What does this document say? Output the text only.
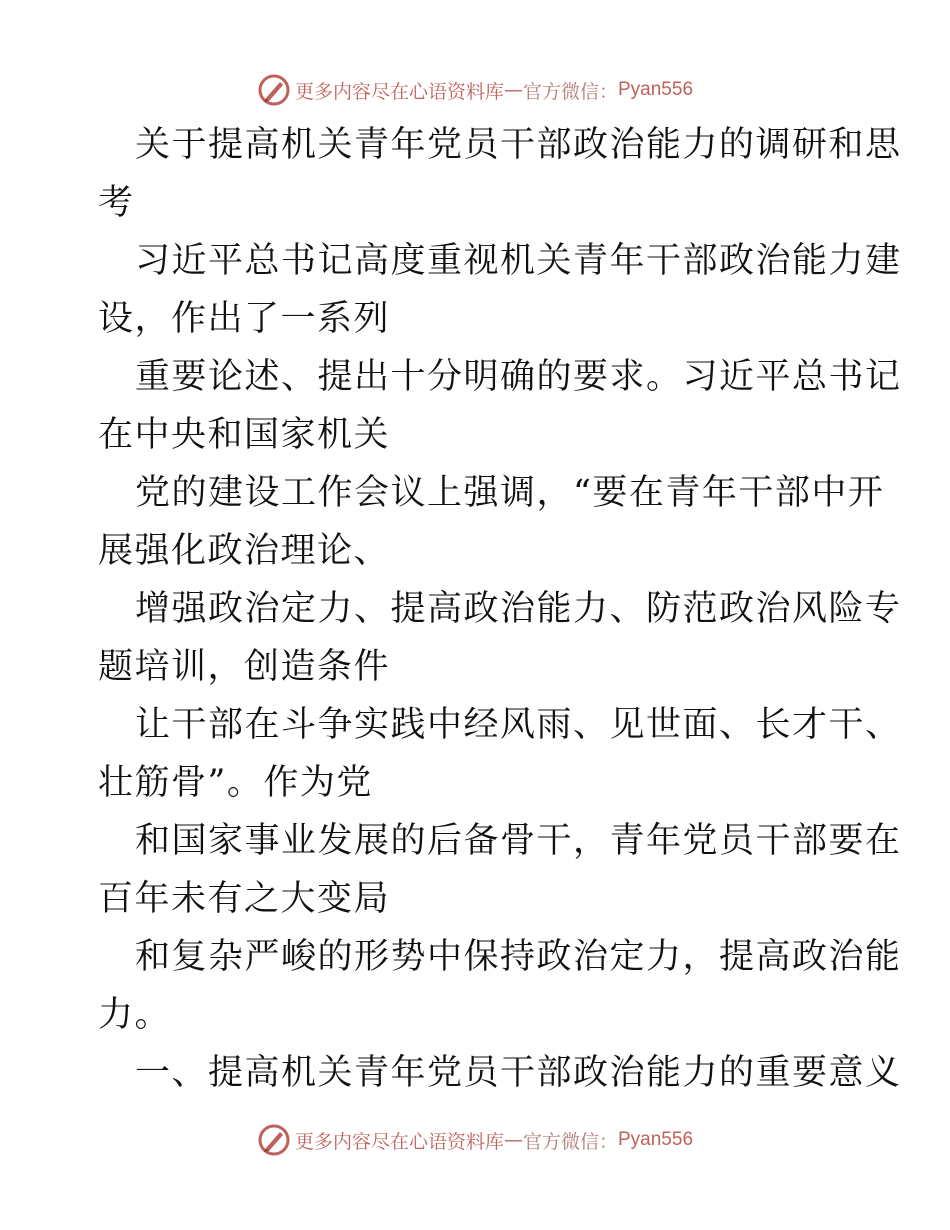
更多内容尽在心语资料库 — 官方微信： Pyan556

关于提高机关青年党员干部政治能力的调研和思
考

习近平总书记高度重视机关青年干部政治能力建
设，作出了一系列

重要论述、提出十分明确的要求。习近平总书记
在中央和国家机关

党的建设工作会议上强调，“要在青年干部中开
展强化政治理论、

增强政治定力、提高政治能力、防范政治风险专
题培训，创造条件

让干部在斗争实践中经风雨、见世面、长才干、
壮筋骨”。作为党

和国家事业发展的后备骨干，青年党员干部要在
百年未有之大变局

和复杂严峻的形势中保持政治定力，提高政治能
力。

一、提高机关青年党员干部政治能力的重要意义

更多内容尽在心语资料库 — 官方微信： Pyan556
